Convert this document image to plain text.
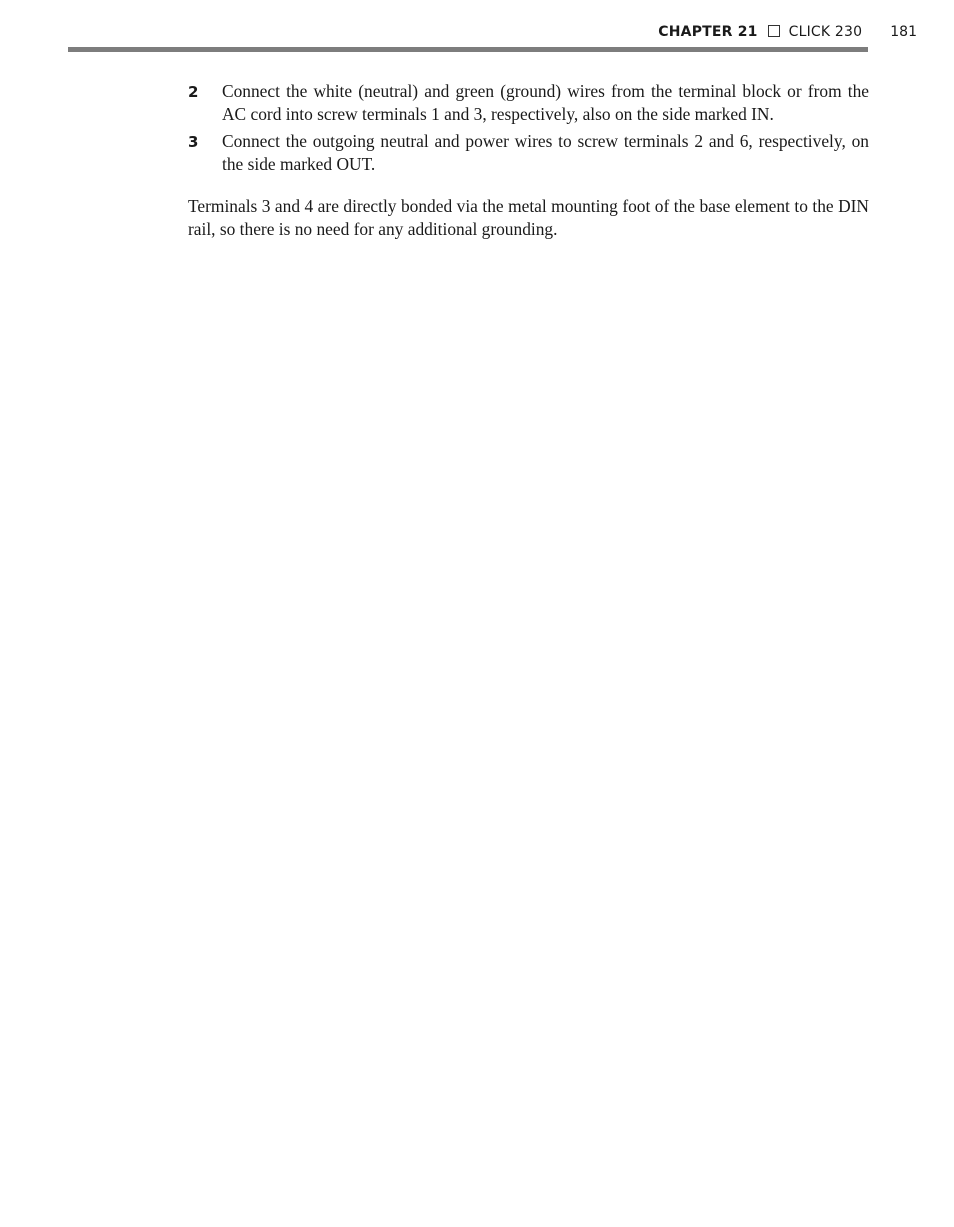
CHAPTER 21 CLICK 230 181
2	Connect the white (neutral) and green (ground) wires from the terminal block or from the AC cord into screw terminals 1 and 3, respectively, also on the side marked IN.
3	Connect the outgoing neutral and power wires to screw terminals 2 and 6, respectively, on the side marked OUT.

Terminals 3 and 4 are directly bonded via the metal mounting foot of the base element to the DIN rail, so there is no need for any additional grounding.
